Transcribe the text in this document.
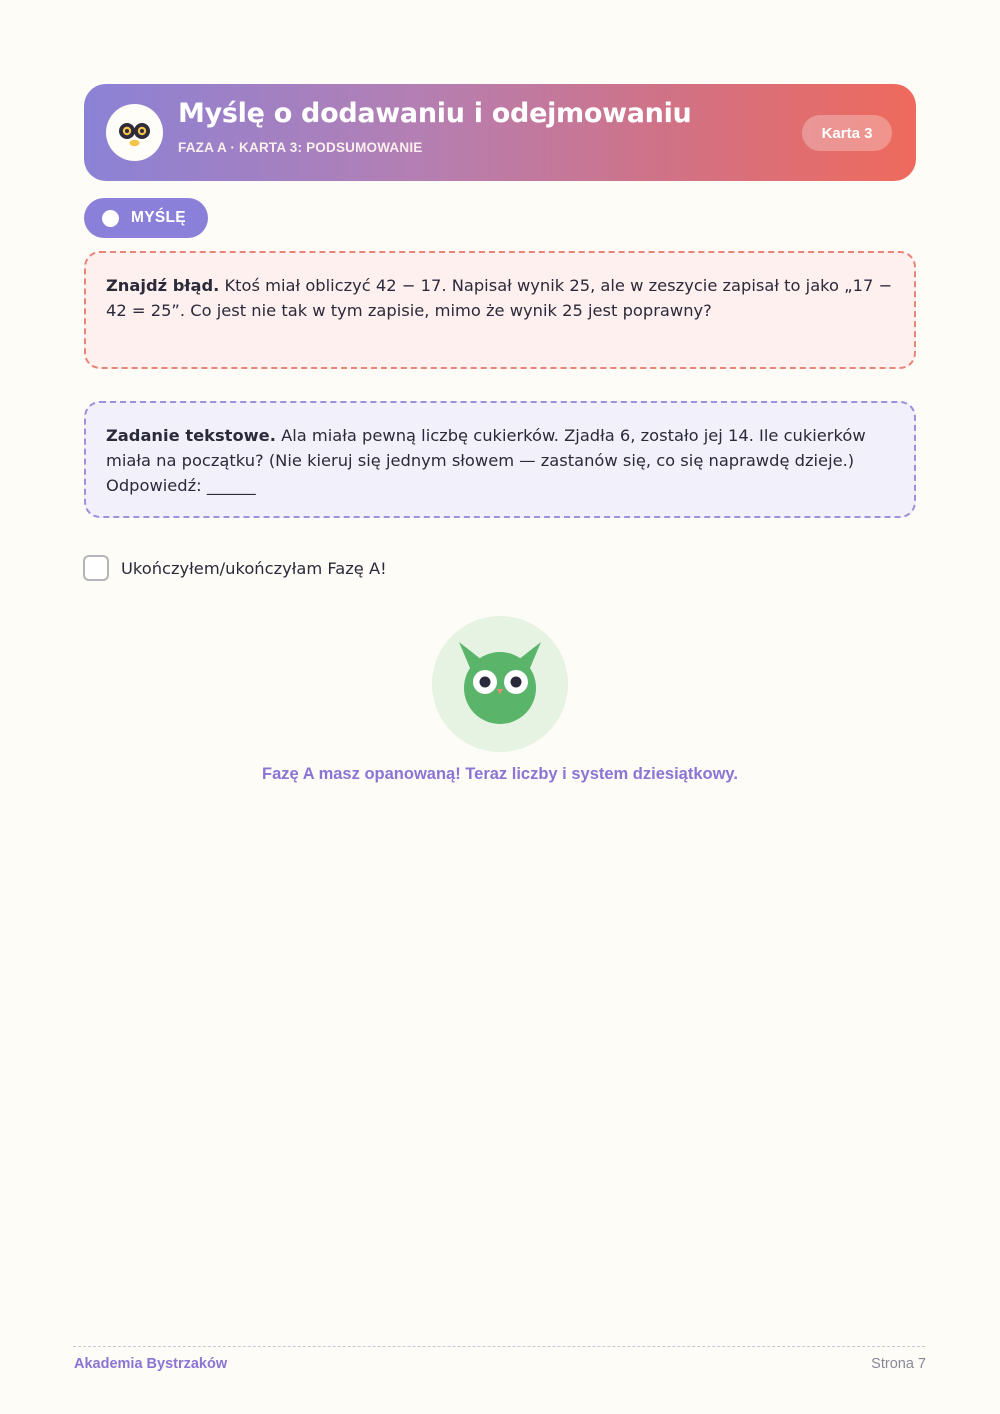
Myślę o dodawaniu i odejmowaniu
FAZA A · KARTA 3: PODSUMOWANIE
Karta 3
MYŚLĘ
Znajdź błąd. Ktoś miał obliczyć 42 − 17. Napisał wynik 25, ale w zeszycie zapisał to jako „17 − 42 = 25”. Co jest nie tak w tym zapisie, mimo że wynik 25 jest poprawny?
Zadanie tekstowe. Ala miała pewną liczbę cukierków. Zjadła 6, zostało jej 14. Ile cukierków miała na początku? (Nie kieruj się jednym słowem — zastanów się, co się naprawdę dzieje.)
Odpowiedź: ______
Ukończyłem/ukończyłam Fazę A!
Fazę A masz opanowaną! Teraz liczby i system dziesiątkowy.
Akademia Bystrzaków	Strona 7
